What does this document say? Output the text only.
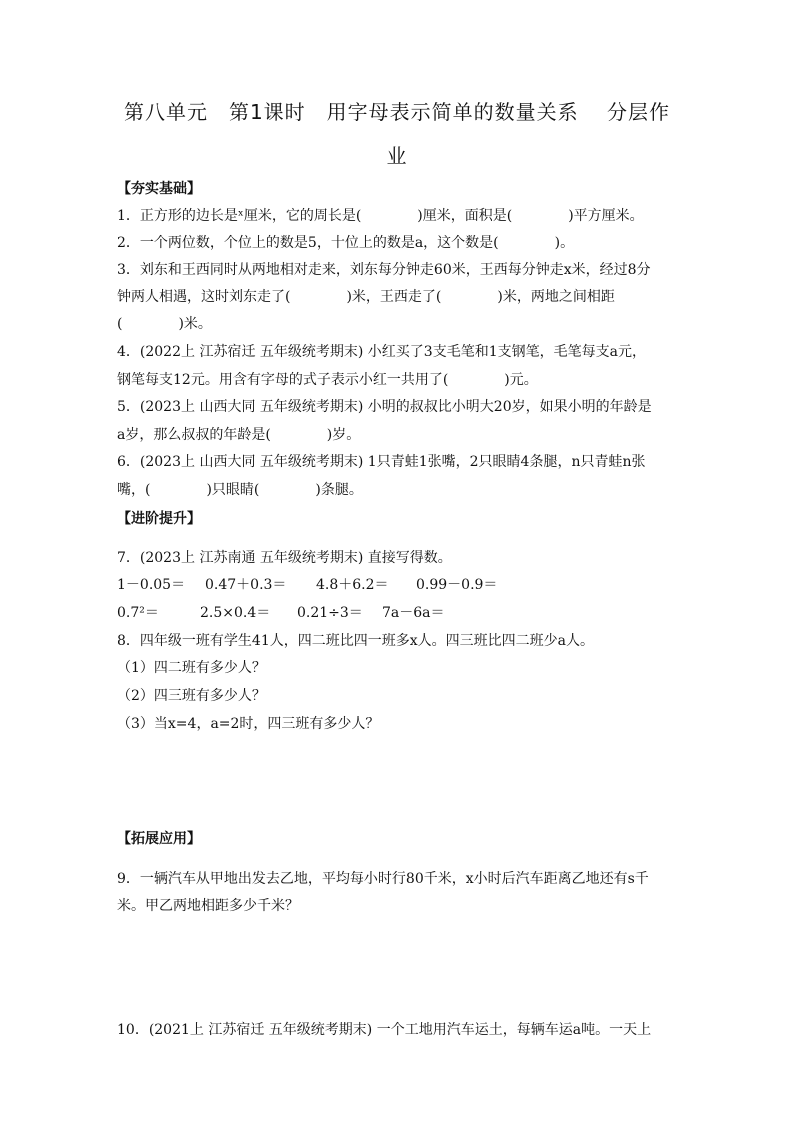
第八单元　第1课时　用字母表示简单的数量关系　 分层作
业
【夯实基础】
1．正方形的边长是ˣ厘米，它的周长是(　　　　)厘米，面积是(　　　　)平方厘米。
2．一个两位数，个位上的数是5，十位上的数是a，这个数是(　　　　)。
3．刘东和王西同时从两地相对走来，刘东每分钟走60米，王西每分钟走x米，经过8分
钟两人相遇，这时刘东走了(　　　　)米，王西走了(　　　　)米，两地之间相距
(　　　　)米。
4．(2022上 江苏宿迁 五年级统考期末) 小红买了3支毛笔和1支钢笔，毛笔每支a元，
钢笔每支12元。用含有字母的式子表示小红一共用了(　　　　)元。
5．(2023上 山西大同 五年级统考期末) 小明的叔叔比小明大20岁，如果小明的年龄是
a岁，那么叔叔的年龄是(　　　　)岁。
6．(2023上 山西大同 五年级统考期末) 1只青蛙1张嘴，2只眼睛4条腿，n只青蛙n张
嘴，(　　　　)只眼睛(　　　　)条腿。
【进阶提升】
7．(2023上 江苏南通 五年级统考期末) 直接写得数。
1－0.05＝ 0.47＋0.3＝ 4.8＋6.2＝ 0.99－0.9＝
0.7²＝	2.5×0.4＝ 0.21÷3＝ 7a－6a＝
8．四年级一班有学生41人，四二班比四一班多x人。四三班比四二班少a人。
（1）四二班有多少人？
（2）四三班有多少人？
（3）当x=4，a=2时，四三班有多少人？
【拓展应用】
9．一辆汽车从甲地出发去乙地，平均每小时行80千米，x小时后汽车距离乙地还有s千
米。甲乙两地相距多少千米？
10．(2021上 江苏宿迁 五年级统考期末) 一个工地用汽车运土，每辆车运a吨。一天上
